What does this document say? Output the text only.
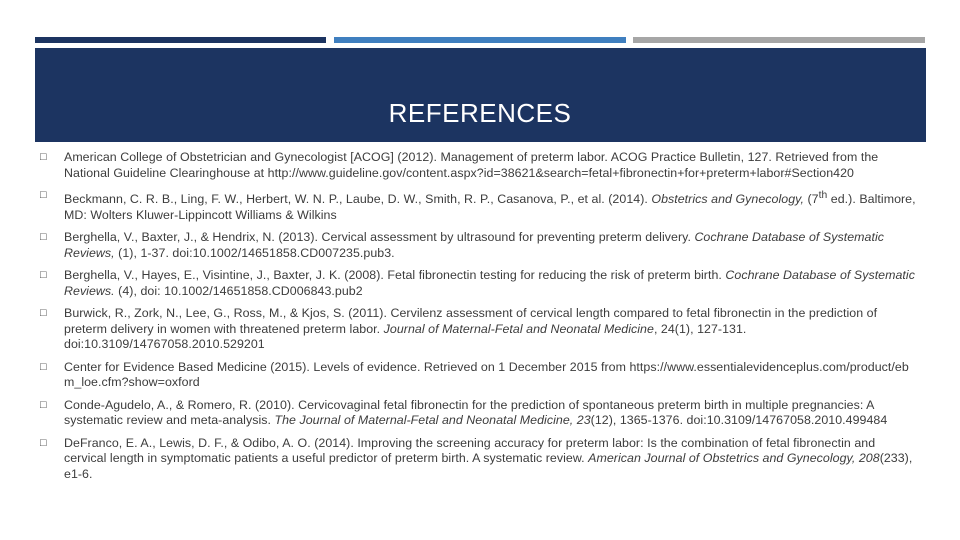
REFERENCES
□ American College of Obstetrician and Gynecologist [ACOG] (2012). Management of preterm labor. ACOG Practice Bulletin, 127. Retrieved from the National Guideline Clearinghouse at http://www.guideline.gov/content.aspx?id=38621&search=fetal+fibronectin+for+preterm+labor#Section420
□ Beckmann, C. R. B., Ling, F. W., Herbert, W. N. P., Laube, D. W., Smith, R. P., Casanova, P., et al. (2014). Obstetrics and Gynecology, (7th ed.). Baltimore, MD: Wolters Kluwer-Lippincott Williams & Wilkins
□ Berghella, V., Baxter, J., & Hendrix, N. (2013). Cervical assessment by ultrasound for preventing preterm delivery. Cochrane Database of Systematic Reviews, (1), 1-37. doi:10.1002/14651858.CD007235.pub3.
□ Berghella, V., Hayes, E., Visintine, J., Baxter, J. K. (2008). Fetal fibronectin testing for reducing the risk of preterm birth. Cochrane Database of Systematic Reviews. (4), doi: 10.1002/14651858.CD006843.pub2
□ Burwick, R., Zork, N., Lee, G., Ross, M., & Kjos, S. (2011). Cervilenz assessment of cervical length compared to fetal fibronectin in the prediction of preterm delivery in women with threatened preterm labor. Journal of Maternal-Fetal and Neonatal Medicine, 24(1), 127-131. doi:10.3109/14767058.2010.529201
□ Center for Evidence Based Medicine (2015). Levels of evidence. Retrieved on 1 December 2015 from https://www.essentialevidenceplus.com/product/ebm_loe.cfm?show=oxford
□ Conde-Agudelo, A., & Romero, R. (2010). Cervicovaginal fetal fibronectin for the prediction of spontaneous preterm birth in multiple pregnancies: A systematic review and meta-analysis. The Journal of Maternal-Fetal and Neonatal Medicine, 23(12), 1365-1376. doi:10.3109/14767058.2010.499484
□ DeFranco, E. A., Lewis, D. F., & Odibo, A. O. (2014). Improving the screening accuracy for preterm labor: Is the combination of fetal fibronectin and cervical length in symptomatic patients a useful predictor of preterm birth. A systematic review. American Journal of Obstetrics and Gynecology, 208(233), e1-6.
